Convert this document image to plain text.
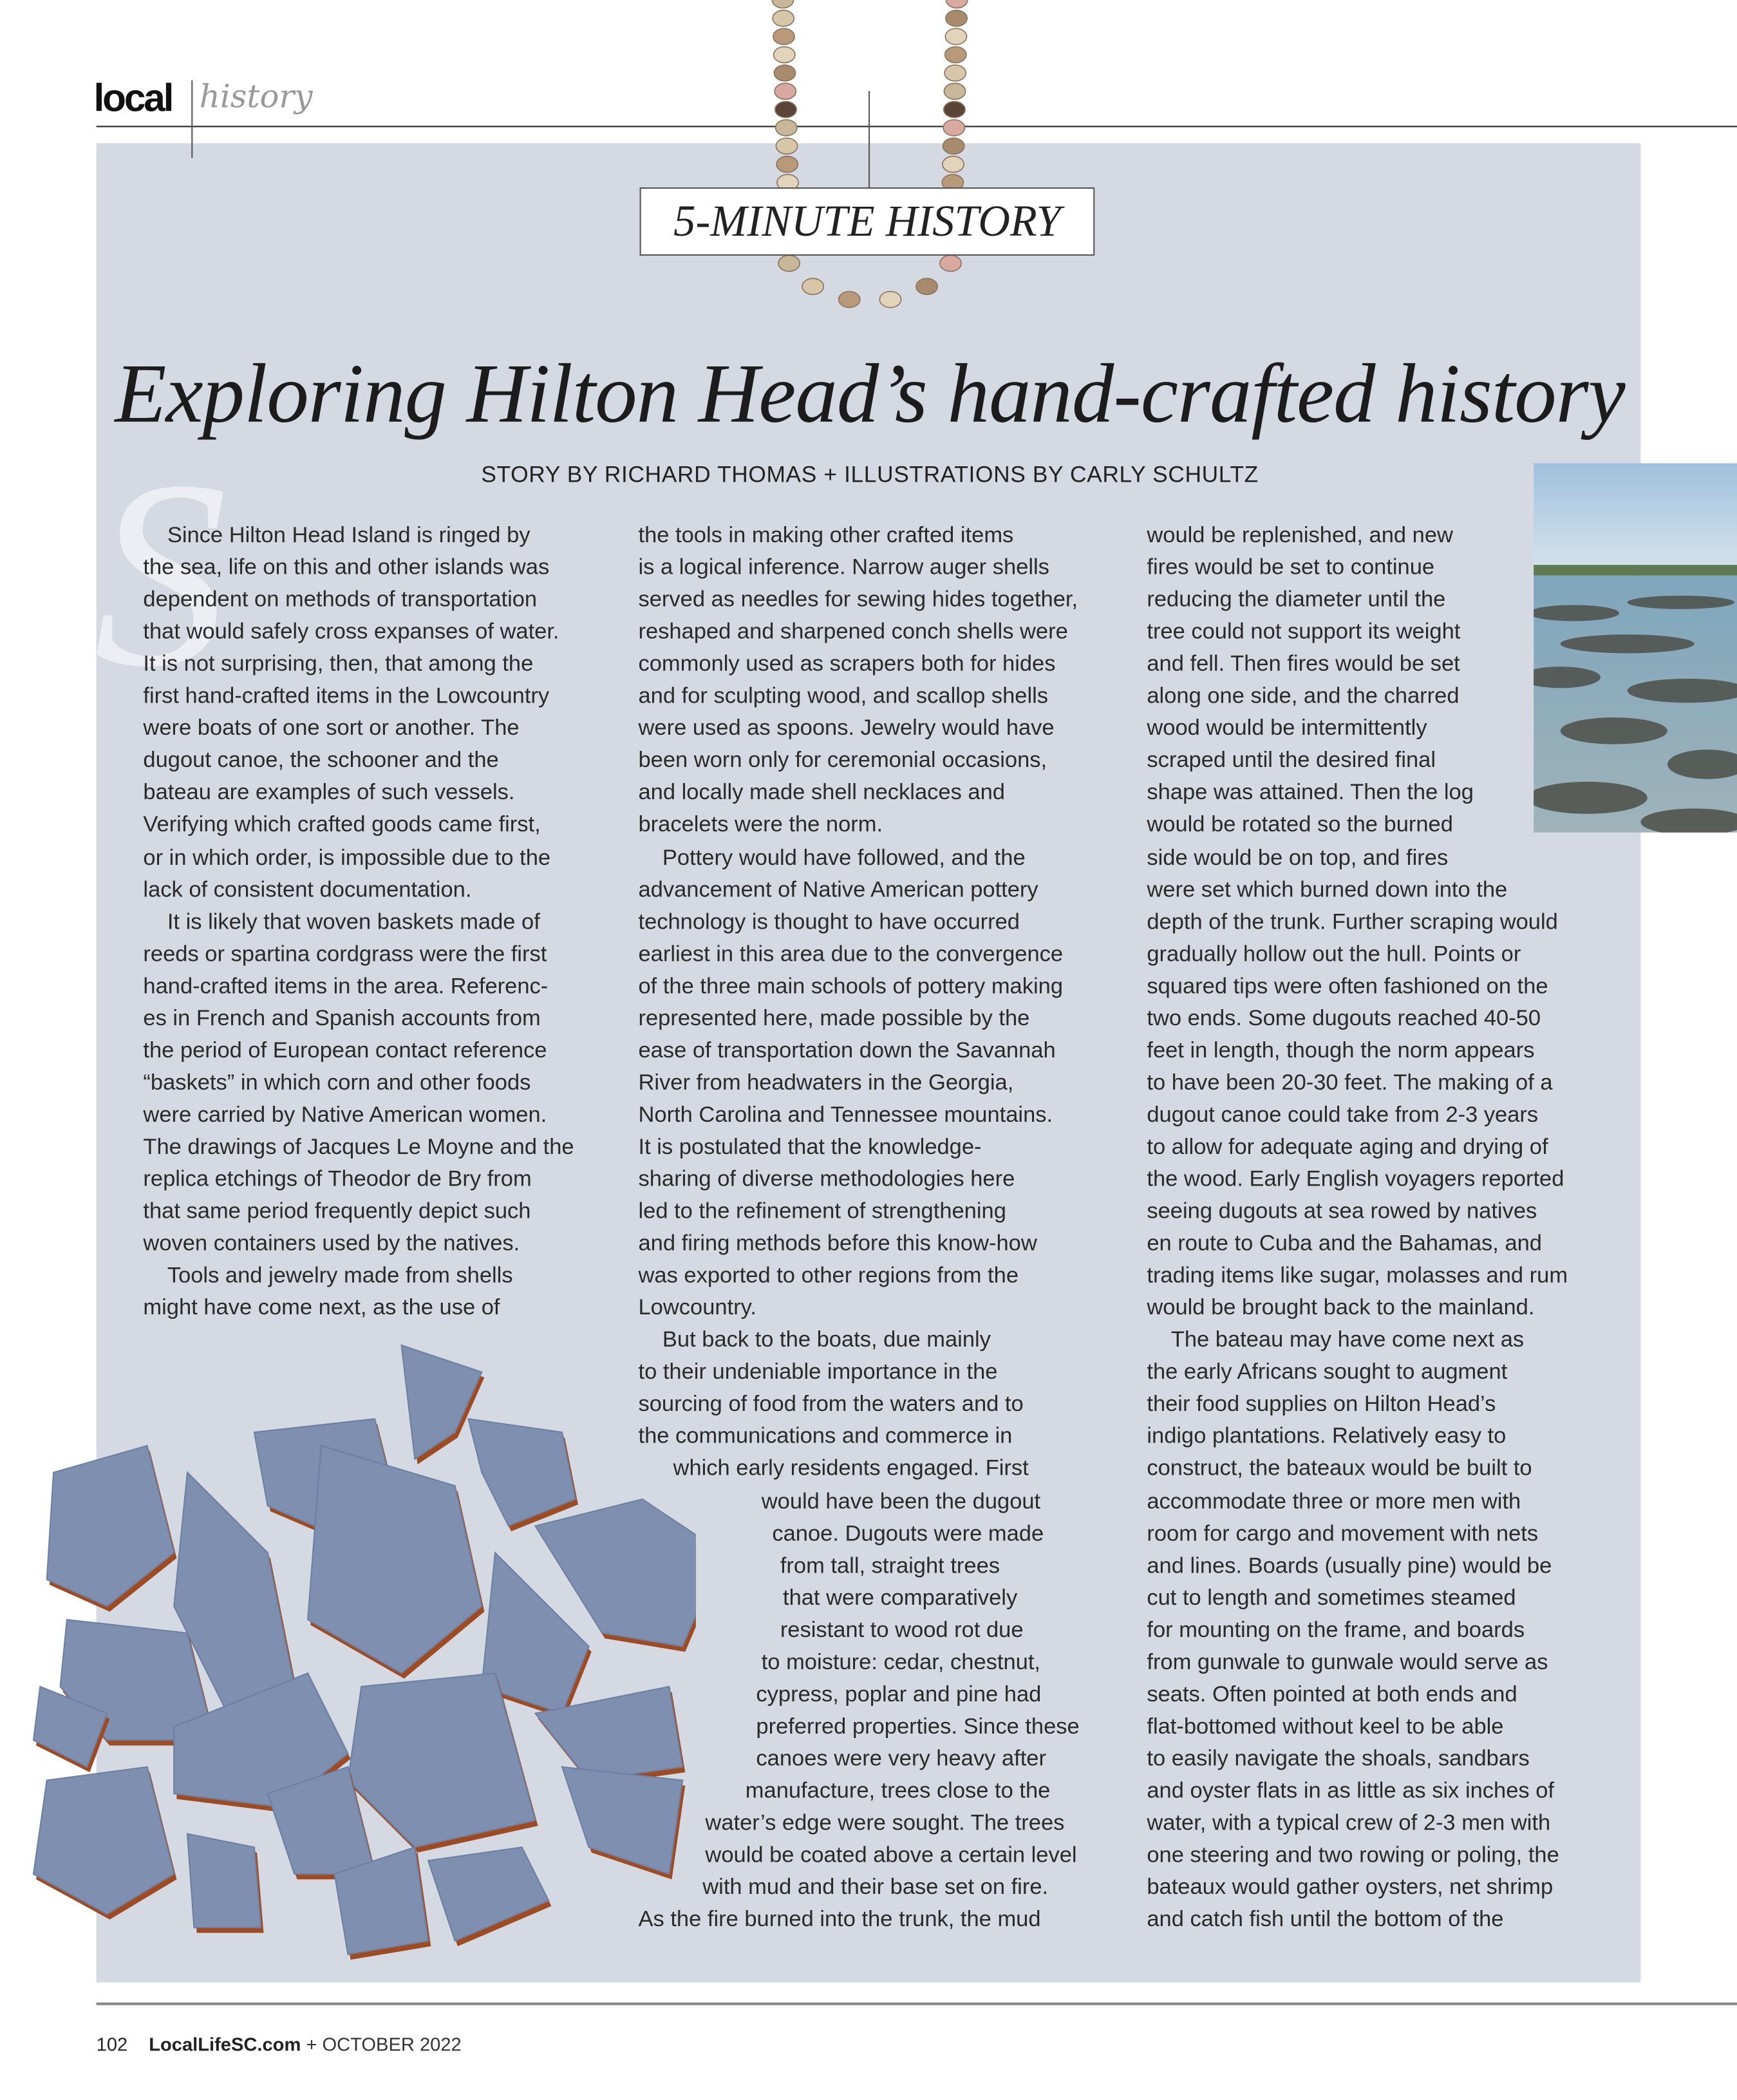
local history
5-MINUTE HISTORY
Exploring Hilton Head’s hand-crafted history
STORY BY RICHARD THOMAS + ILLUSTRATIONS BY CARLY SCHULTZ
S
Since Hilton Head Island is ringed by
the sea, life on this and other islands was
dependent on methods of transportation
that would safely cross expanses of water.
It is not surprising, then, that among the
first hand-crafted items in the Lowcountry
were boats of one sort or another. The
dugout canoe, the schooner and the
bateau are examples of such vessels.
Verifying which crafted goods came first,
or in which order, is impossible due to the
lack of consistent documentation.
It is likely that woven baskets made of
reeds or spartina cordgrass were the first
hand-crafted items in the area. Referenc-
es in French and Spanish accounts from
the period of European contact reference
“baskets” in which corn and other foods
were carried by Native American women.
The drawings of Jacques Le Moyne and the
replica etchings of Theodor de Bry from
that same period frequently depict such
woven containers used by the natives.
Tools and jewelry made from shells
might have come next, as the use of
the tools in making other crafted items
is a logical inference. Narrow auger shells
served as needles for sewing hides together,
reshaped and sharpened conch shells were
commonly used as scrapers both for hides
and for sculpting wood, and scallop shells
were used as spoons. Jewelry would have
been worn only for ceremonial occasions,
and locally made shell necklaces and
bracelets were the norm.
Pottery would have followed, and the
advancement of Native American pottery
technology is thought to have occurred
earliest in this area due to the convergence
of the three main schools of pottery making
represented here, made possible by the
ease of transportation down the Savannah
River from headwaters in the Georgia,
North Carolina and Tennessee mountains.
It is postulated that the knowledge-
sharing of diverse methodologies here
led to the refinement of strengthening
and firing methods before this know-how
was exported to other regions from the
Lowcountry.
But back to the boats, due mainly
to their undeniable importance in the
sourcing of food from the waters and to
the communications and commerce in
which early residents engaged. First
would have been the dugout
canoe. Dugouts were made
from tall, straight trees
that were comparatively
resistant to wood rot due
to moisture: cedar, chestnut,
cypress, poplar and pine had
preferred properties. Since these
canoes were very heavy after
manufacture, trees close to the
water’s edge were sought. The trees
would be coated above a certain level
with mud and their base set on fire.
As the fire burned into the trunk, the mud
would be replenished, and new
fires would be set to continue
reducing the diameter until the
tree could not support its weight
and fell. Then fires would be set
along one side, and the charred
wood would be intermittently
scraped until the desired final
shape was attained. Then the log
would be rotated so the burned
side would be on top, and fires
were set which burned down into the
depth of the trunk. Further scraping would
gradually hollow out the hull. Points or
squared tips were often fashioned on the
two ends. Some dugouts reached 40-50
feet in length, though the norm appears
to have been 20-30 feet. The making of a
dugout canoe could take from 2-3 years
to allow for adequate aging and drying of
the wood. Early English voyagers reported
seeing dugouts at sea rowed by natives
en route to Cuba and the Bahamas, and
trading items like sugar, molasses and rum
would be brought back to the mainland.
The bateau may have come next as
the early Africans sought to augment
their food supplies on Hilton Head’s
indigo plantations. Relatively easy to
construct, the bateaux would be built to
accommodate three or more men with
room for cargo and movement with nets
and lines. Boards (usually pine) would be
cut to length and sometimes steamed
for mounting on the frame, and boards
from gunwale to gunwale would serve as
seats. Often pointed at both ends and
flat-bottomed without keel to be able
to easily navigate the shoals, sandbars
and oyster flats in as little as six inches of
water, with a typical crew of 2-3 men with
one steering and two rowing or poling, the
bateaux would gather oysters, net shrimp
and catch fish until the bottom of the
102 LocalLifeSC.com + OCTOBER 2022
